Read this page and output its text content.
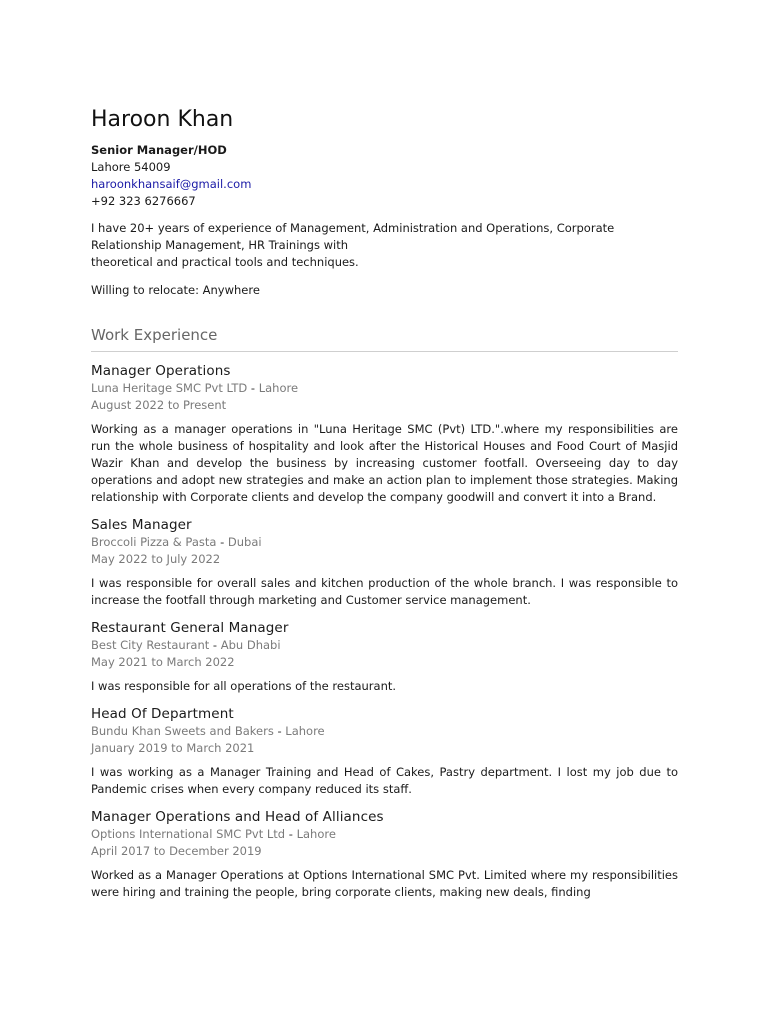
Haroon Khan

Senior Manager/HOD

Lahore 54009

haroonkhansaif@gmail.com

+92 323 6276667

I have 20+ years of experience of Management, Administration and Operations, Corporate Relationship Management, HR Trainings with
theoretical and practical tools and techniques.

Willing to relocate: Anywhere

Work Experience
Manager Operations

Luna Heritage SMC Pvt LTD - Lahore

August 2022 to Present

Working as a manager operations in "Luna Heritage SMC (Pvt) LTD.".where my responsibilities are run the whole business of hospitality and look after the Historical Houses and Food Court of Masjid Wazir Khan and develop the business by increasing customer footfall. Overseeing day to day operations and adopt new strategies and make an action plan to implement those strategies. Making relationship with Corporate clients and develop the company goodwill and convert it into a Brand.

Sales Manager

Broccoli Pizza & Pasta - Dubai

May 2022 to July 2022

I was responsible for overall sales and kitchen production of the whole branch. I was responsible to increase the footfall through marketing and Customer service management.

Restaurant General Manager

Best City Restaurant - Abu Dhabi

May 2021 to March 2022

I was responsible for all operations of the restaurant.

Head Of Department

Bundu Khan Sweets and Bakers - Lahore

January 2019 to March 2021

I was working as a Manager Training and Head of Cakes, Pastry department. I lost my job due to Pandemic crises when every company reduced its staff.

Manager Operations and Head of Alliances

Options International SMC Pvt Ltd - Lahore

April 2017 to December 2019

Worked as a Manager Operations at Options International SMC Pvt. Limited where my responsibilities were hiring and training the people, bring corporate clients, making new deals, finding
